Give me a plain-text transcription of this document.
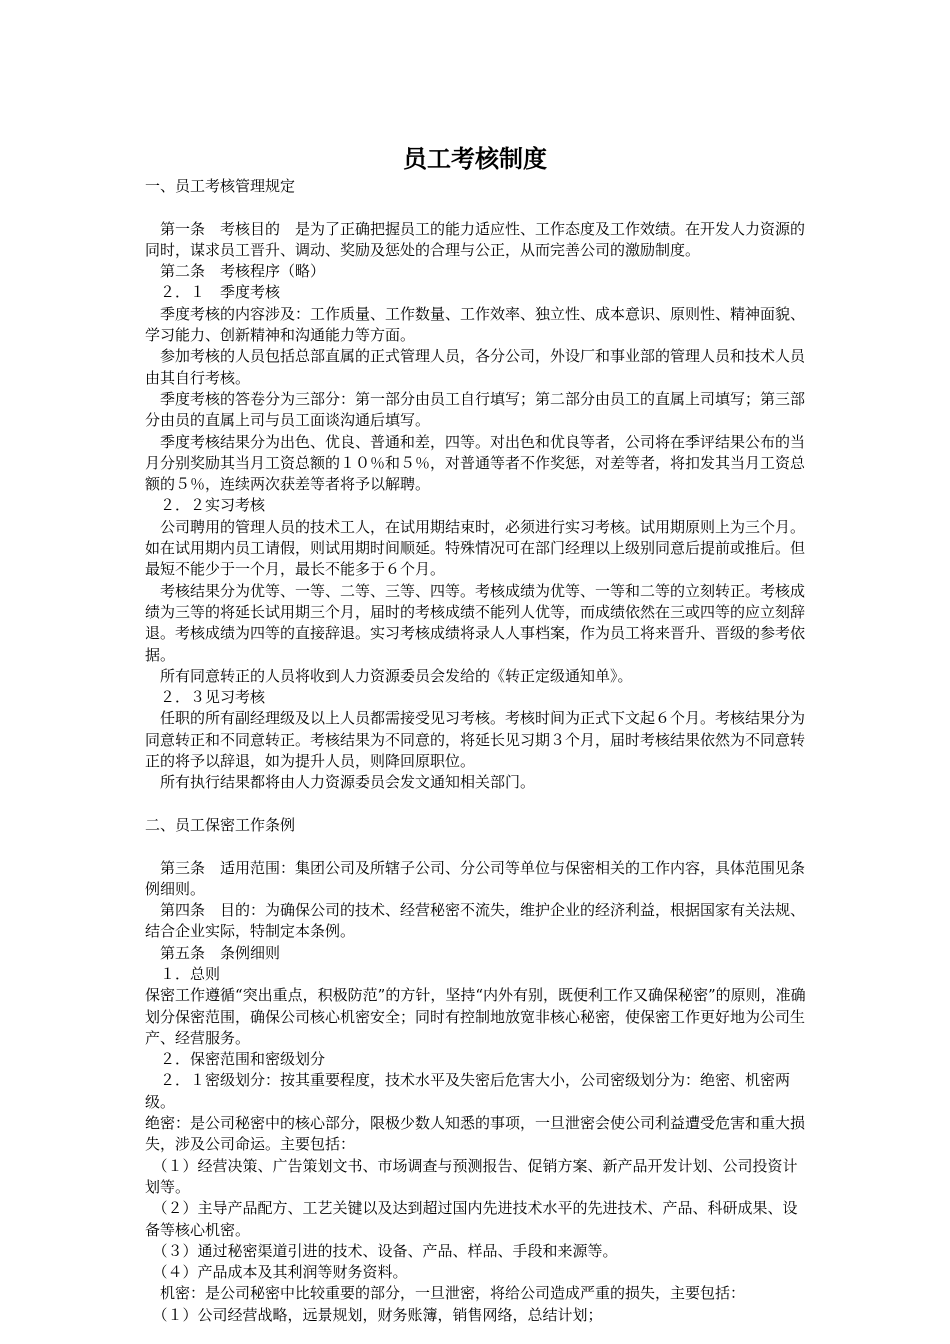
员工考核制度

一、员工考核管理规定

　第一条　考核目的　是为了正确把握员工的能力适应性、工作态度及工作效绩。在开发人力资源的同时，谋求员工晋升、调动、奖励及惩处的合理与公正，从而完善公司的激励制度。

　第二条　考核程序（略）

　２．１　季度考核

　季度考核的内容涉及：工作质量、工作数量、工作效率、独立性、成本意识、原则性、精神面貌、学习能力、创新精神和沟通能力等方面。

　参加考核的人员包括总部直属的正式管理人员，各分公司，外设厂和事业部的管理人员和技术人员由其自行考核。

　季度考核的答卷分为三部分：第一部分由员工自行填写；第二部分由员工的直属上司填写；第三部分由员的直属上司与员工面谈沟通后填写。

　季度考核结果分为出色、优良、普通和差，四等。对出色和优良等者，公司将在季评结果公布的当月分别奖励其当月工资总额的１０％和５％，对普通等者不作奖惩，对差等者，将扣发其当月工资总额的５％，连续两次获差等者将予以解聘。

　２．２实习考核

　公司聘用的管理人员的技术工人，在试用期结束时，必须进行实习考核。试用期原则上为三个月。如在试用期内员工请假，则试用期时间顺延。特殊情况可在部门经理以上级别同意后提前或推后。但最短不能少于一个月，最长不能多于６个月。

　考核结果分为优等、一等、二等、三等、四等。考核成绩为优等、一等和二等的立刻转正。考核成绩为三等的将延长试用期三个月，届时的考核成绩不能列人优等，而成绩依然在三或四等的应立刻辞退。考核成绩为四等的直接辞退。实习考核成绩将录人人事档案，作为员工将来晋升、晋级的参考依据。

　所有同意转正的人员将收到人力资源委员会发给的《转正定级通知单》。

　２．３见习考核

　任职的所有副经理级及以上人员都需接受见习考核。考核时间为正式下文起６个月。考核结果分为同意转正和不同意转正。考核结果为不同意的，将延长见习期３个月，届时考核结果依然为不同意转正的将予以辞退，如为提升人员，则降回原职位。

　所有执行结果都将由人力资源委员会发文通知相关部门。

二、员工保密工作条例

　第三条　适用范围：集团公司及所辖子公司、分公司等单位与保密相关的工作内容，具体范围见条例细则。

　第四条　目的：为确保公司的技术、经营秘密不流失，维护企业的经济利益，根据国家有关法规、结合企业实际，特制定本条例。

　第五条　条例细则

　１．总则

保密工作遵循“突出重点，积极防范”的方针，坚持“内外有别，既便利工作又确保秘密”的原则，准确划分保密范围，确保公司核心机密安全；同时有控制地放宽非核心秘密，使保密工作更好地为公司生产、经营服务。

　２．保密范围和密级划分

　２．１密级划分：按其重要程度，技术水平及失密后危害大小，公司密级划分为：绝密、机密两级。

绝密：是公司秘密中的核心部分，限极少数人知悉的事项，一旦泄密会使公司利益遭受危害和重大损失，涉及公司命运。主要包括：

　（１）经营决策、广告策划文书、市场调查与预测报告、促销方案、新产品开发计划、公司投资计划等。

　（２）主导产品配方、工艺关键以及达到超过国内先进技术水平的先进技术、产品、科研成果、设备等核心机密。

　（３）通过秘密渠道引进的技术、设备、产品、样品、手段和来源等。

　（４）产品成本及其利润等财务资料。

　机密：是公司秘密中比较重要的部分，一旦泄密，将给公司造成严重的损失，主要包括：

　（１）公司经营战略，远景规划，财务账簿，销售网络，总结计划；
